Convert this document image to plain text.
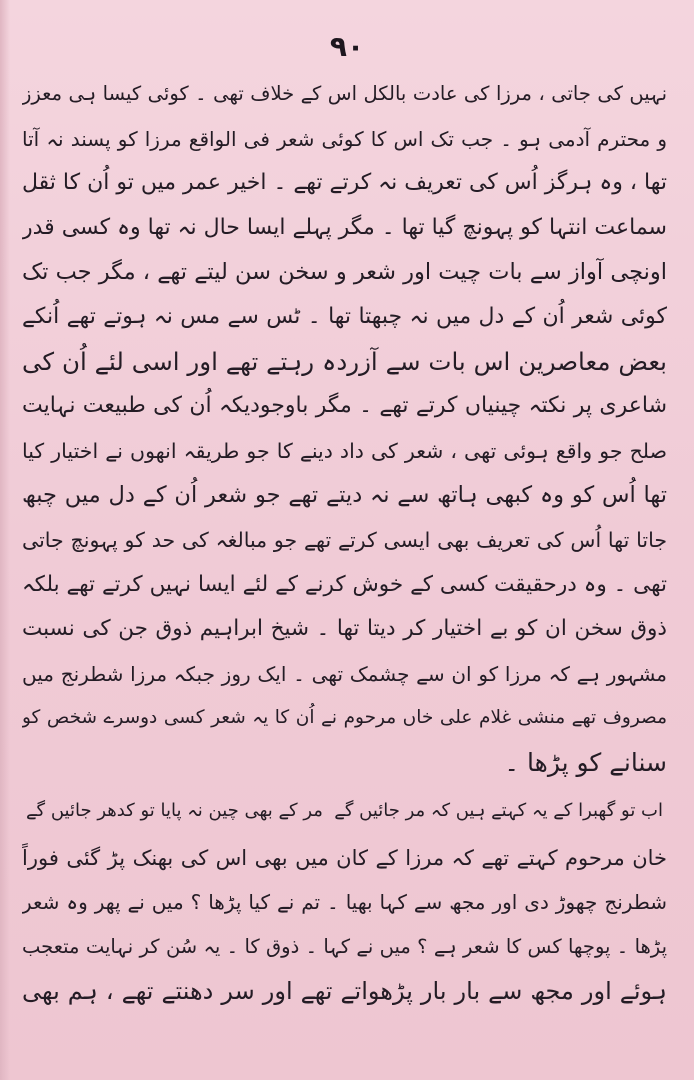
٩٠
نہیں کی جاتی ، مرزا کی عادت بالکل اس کے خلاف تھی ۔ کوئی کیسا ہی معزز
و محترم آدمی ہو ۔ جب تک اس کا کوئی شعر فی الواقع مرزا کو پسند نہ آتا
تھا ، وہ ہرگز اُس کی تعریف نہ کرتے تھے ۔ اخیر عمر میں تو اُن کا ثقل
سماعت انتہا کو پہونچ گیا تھا ۔ مگر پہلے ایسا حال نہ تھا وہ کسی قدر
اونچی آواز سے بات چیت اور شعر و سخن سن لیتے تھے ، مگر جب تک
کوئی شعر اُن کے دل میں نہ چبھتا تھا ۔ ٹس سے مس نہ ہوتے تھے اُنکے
بعض معاصرین اس بات سے آزردہ رہتے تھے اور اسی لئے اُن کی
شاعری پر نکتہ چینیاں کرتے تھے ۔ مگر باوجودیکہ اُن کی طبیعت نہایت
صلح جو واقع ہوئی تھی ، شعر کی داد دینے کا جو طریقہ انھوں نے اختیار کیا
تھا اُس کو وہ کبھی ہاتھ سے نہ دیتے تھے جو شعر اُن کے دل میں چبھ
جاتا تھا اُس کی تعریف بھی ایسی کرتے تھے جو مبالغہ کی حد کو پہونچ جاتی
تھی ۔ وہ درحقیقت کسی کے خوش کرنے کے لئے ایسا نہیں کرتے تھے بلکہ
ذوق سخن ان کو بے اختیار کر دیتا تھا ۔ شیخ ابراہیم ذوق جن کی نسبت
مشہور ہے کہ مرزا کو ان سے چشمک تھی ۔ ایک روز جبکہ مرزا شطرنج میں
مصروف تھے منشی غلام علی خاں مرحوم نے اُن کا یہ شعر کسی دوسرے شخص کو
سنانے کو پڑھا ۔
اب تو گھبرا کے یہ کہتے ہیں کہ مر جائیں گے
مر کے بھی چین نہ پایا تو کدھر جائیں گے
خان مرحوم کہتے تھے کہ مرزا کے کان میں بھی اس کی بھنک پڑ گئی فوراً
شطرنج چھوڑ دی اور مجھ سے کہا بھیا ۔ تم نے کیا پڑھا ؟ میں نے پھر وہ شعر
پڑھا ۔ پوچھا کس کا شعر ہے ؟ میں نے کہا ۔ ذوق کا ۔ یہ سُن کر نہایت متعجب
ہوئے اور مجھ سے بار بار پڑھواتے تھے اور سر دھنتے تھے ، ہم بھی
